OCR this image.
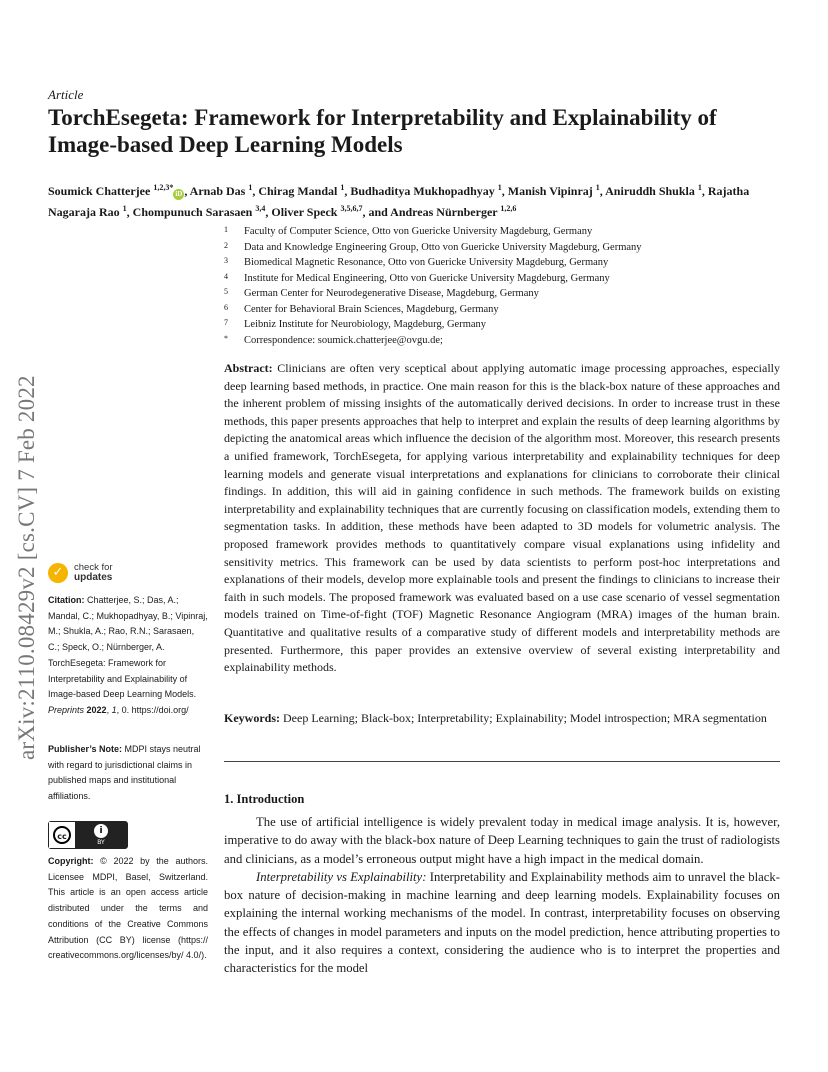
Article
TorchEsegeta: Framework for Interpretability and Explainability of Image-based Deep Learning Models
Soumick Chatterjee $^{1,2,3*}$iD , Arnab Das $^1$, Chirag Mandal $^1$, Budhaditya Mukhopadhyay $^1$, Manish Vipinraj $^1$, Aniruddh Shukla $^1$, Rajatha Nagaraja Rao $^1$, Chompunuch Sarasaen $^{3,4}$, Oliver Speck $^{3,5,6,7}$, and Andreas Nürnberger $^{1,2,6}$
1	Faculty of Computer Science, Otto von Guericke University Magdeburg, Germany
2	Data and Knowledge Engineering Group, Otto von Guericke University Magdeburg, Germany
3	Biomedical Magnetic Resonance, Otto von Guericke University Magdeburg, Germany
4	Institute for Medical Engineering, Otto von Guericke University Magdeburg, Germany
5	German Center for Neurodegenerative Disease, Magdeburg, Germany
6	Center for Behavioral Brain Sciences, Magdeburg, Germany
7	Leibniz Institute for Neurobiology, Magdeburg, Germany
*	Correspondence: soumick.chatterjee@ovgu.de;
Abstract: Clinicians are often very sceptical about applying automatic image processing approaches, especially deep learning based methods, in practice. One main reason for this is the black-box nature of these approaches and the inherent problem of missing insights of the automatically derived decisions. In order to increase trust in these methods, this paper presents approaches that help to interpret and explain the results of deep learning algorithms by depicting the anatomical areas which influence the decision of the algorithm most. Moreover, this research presents a unified framework, TorchEsegeta, for applying various interpretability and explainability techniques for deep learning models and generate visual interpretations and explanations for clinicians to corroborate their clinical findings. In addition, this will aid in gaining confidence in such methods. The framework builds on existing interpretability and explainability techniques that are currently focusing on classification models, extending them to segmentation tasks. In addition, these methods have been adapted to 3D models for volumetric analysis. The proposed framework provides methods to quantitatively compare visual explanations using infidelity and sensitivity metrics. This framework can be used by data scientists to perform post-hoc interpretations and explanations of their models, develop more explainable tools and present the findings to clinicians to increase their faith in such models. The proposed framework was evaluated based on a use case scenario of vessel segmentation models trained on Time-of-fight (TOF) Magnetic Resonance Angiogram (MRA) images of the human brain. Quantitative and qualitative results of a comparative study of different models and interpretability methods are presented. Furthermore, this paper provides an extensive overview of several existing interpretability and explainability methods.
Keywords: Deep Learning; Black-box; Interpretability; Explainability; Model introspection; MRA segmentation
1. Introduction

The use of artificial intelligence is widely prevalent today in medical image analysis. It is, however, imperative to do away with the black-box nature of Deep Learning techniques to gain the trust of radiologists and clinicians, as a model’s erroneous output might have a high impact in the medical domain.

Interpretability vs Explainability: Interpretability and Explainability methods aim to unravel the black-box nature of decision-making in machine learning and deep learning models. Explainability focuses on explaining the internal working mechanisms of the model. In contrast, interpretability focuses on observing the effects of changes in model parameters and inputs on the model prediction, hence attributing properties to the input, and it also requires a context, considering the audience who is to interpret the properties and characteristics for the model

arXiv:2110.08429v2 [cs.CV] 7 Feb 2022	✓	check for
updates
Citation: Chatterjee, S.; Das, A.; Mandal, C.; Mukhopadhyay, B.; Vipinraj, M.; Shukla, A.; Rao, R.N.; Sarasaen, C.; Speck, O.; Nürnberger, A. TorchEsegeta: Framework for Interpretability and Explainability of Image-based Deep Learning Models. Preprints 2022, 1, 0. https://doi.org/
Publisher’s Note: MDPI stays neutral with regard to jurisdictional claims in published maps and institutional affiliations.
cc
i
BY
Copyright: © 2022 by the authors. Licensee MDPI, Basel, Switzerland. This article is an open access article distributed under the terms and conditions of the Creative Commons Attribution (CC BY) license (https:// creativecommons.org/licenses/by/ 4.0/).
